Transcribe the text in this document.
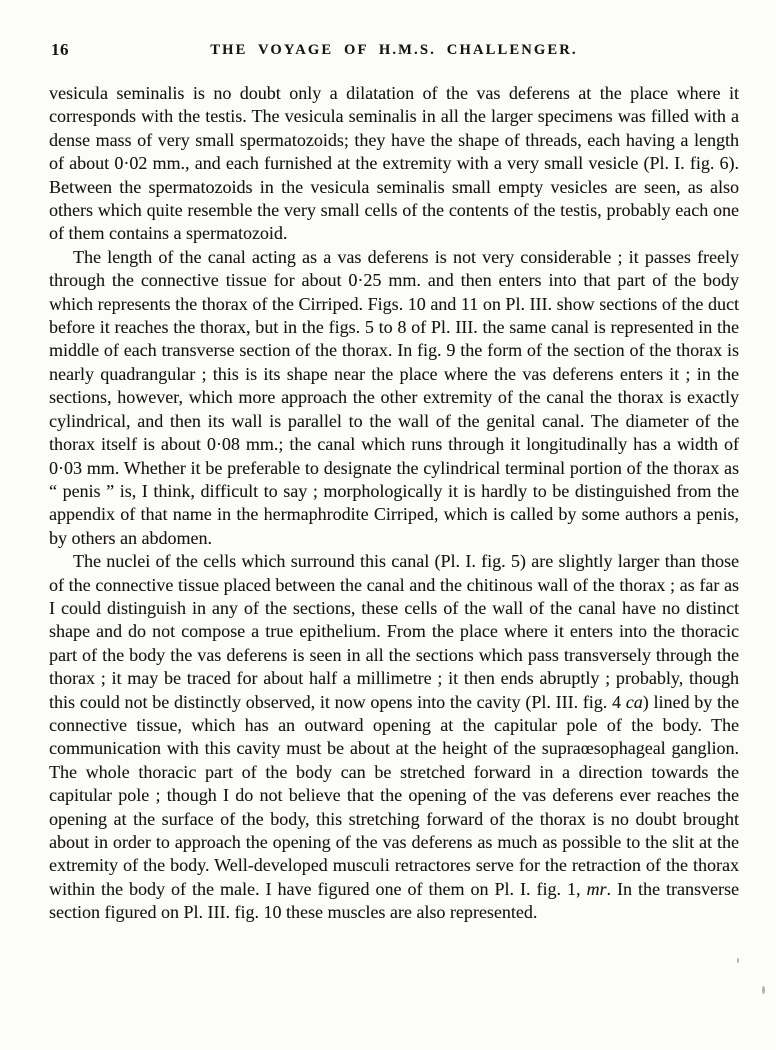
16	THE VOYAGE OF H.M.S. CHALLENGER.

vesicula seminalis is no doubt only a dilatation of the vas deferens at the place where it corresponds with the testis. The vesicula seminalis in all the larger specimens was filled with a dense mass of very small spermatozoids; they have the shape of threads, each having a length of about 0·02 mm., and each furnished at the extremity with a very small vesicle (Pl. I. fig. 6). Between the spermatozoids in the vesicula seminalis small empty vesicles are seen, as also others which quite resemble the very small cells of the contents of the testis, probably each one of them contains a spermatozoid.

The length of the canal acting as a vas deferens is not very considerable ; it passes freely through the connective tissue for about 0·25 mm. and then enters into that part of the body which represents the thorax of the Cirriped. Figs. 10 and 11 on Pl. III. show sections of the duct before it reaches the thorax, but in the figs. 5 to 8 of Pl. III. the same canal is represented in the middle of each transverse section of the thorax. In fig. 9 the form of the section of the thorax is nearly quadrangular ; this is its shape near the place where the vas deferens enters it ; in the sections, however, which more approach the other extremity of the canal the thorax is exactly cylindrical, and then its wall is parallel to the wall of the genital canal. The diameter of the thorax itself is about 0·08 mm.; the canal which runs through it longitudinally has a width of 0·03 mm. Whether it be preferable to designate the cylindrical terminal portion of the thorax as “ penis ” is, I think, difficult to say ; morphologically it is hardly to be distinguished from the appendix of that name in the hermaphrodite Cirriped, which is called by some authors a penis, by others an abdomen.

The nuclei of the cells which surround this canal (Pl. I. fig. 5) are slightly larger than those of the connective tissue placed between the canal and the chitinous wall of the thorax ; as far as I could distinguish in any of the sections, these cells of the wall of the canal have no distinct shape and do not compose a true epithelium. From the place where it enters into the thoracic part of the body the vas deferens is seen in all the sections which pass transversely through the thorax ; it may be traced for about half a millimetre ; it then ends abruptly ; probably, though this could not be distinctly observed, it now opens into the cavity (Pl. III. fig. 4 ca) lined by the connective tissue, which has an outward opening at the capitular pole of the body. The communication with this cavity must be about at the height of the supraœsophageal ganglion. The whole thoracic part of the body can be stretched forward in a direction towards the capitular pole ; though I do not believe that the opening of the vas deferens ever reaches the opening at the surface of the body, this stretching forward of the thorax is no doubt brought about in order to approach the opening of the vas deferens as much as possible to the slit at the extremity of the body. Well-developed musculi retractores serve for the retraction of the thorax within the body of the male. I have figured one of them on Pl. I. fig. 1, mr. In the transverse section figured on Pl. III. fig. 10 these muscles are also represented.
